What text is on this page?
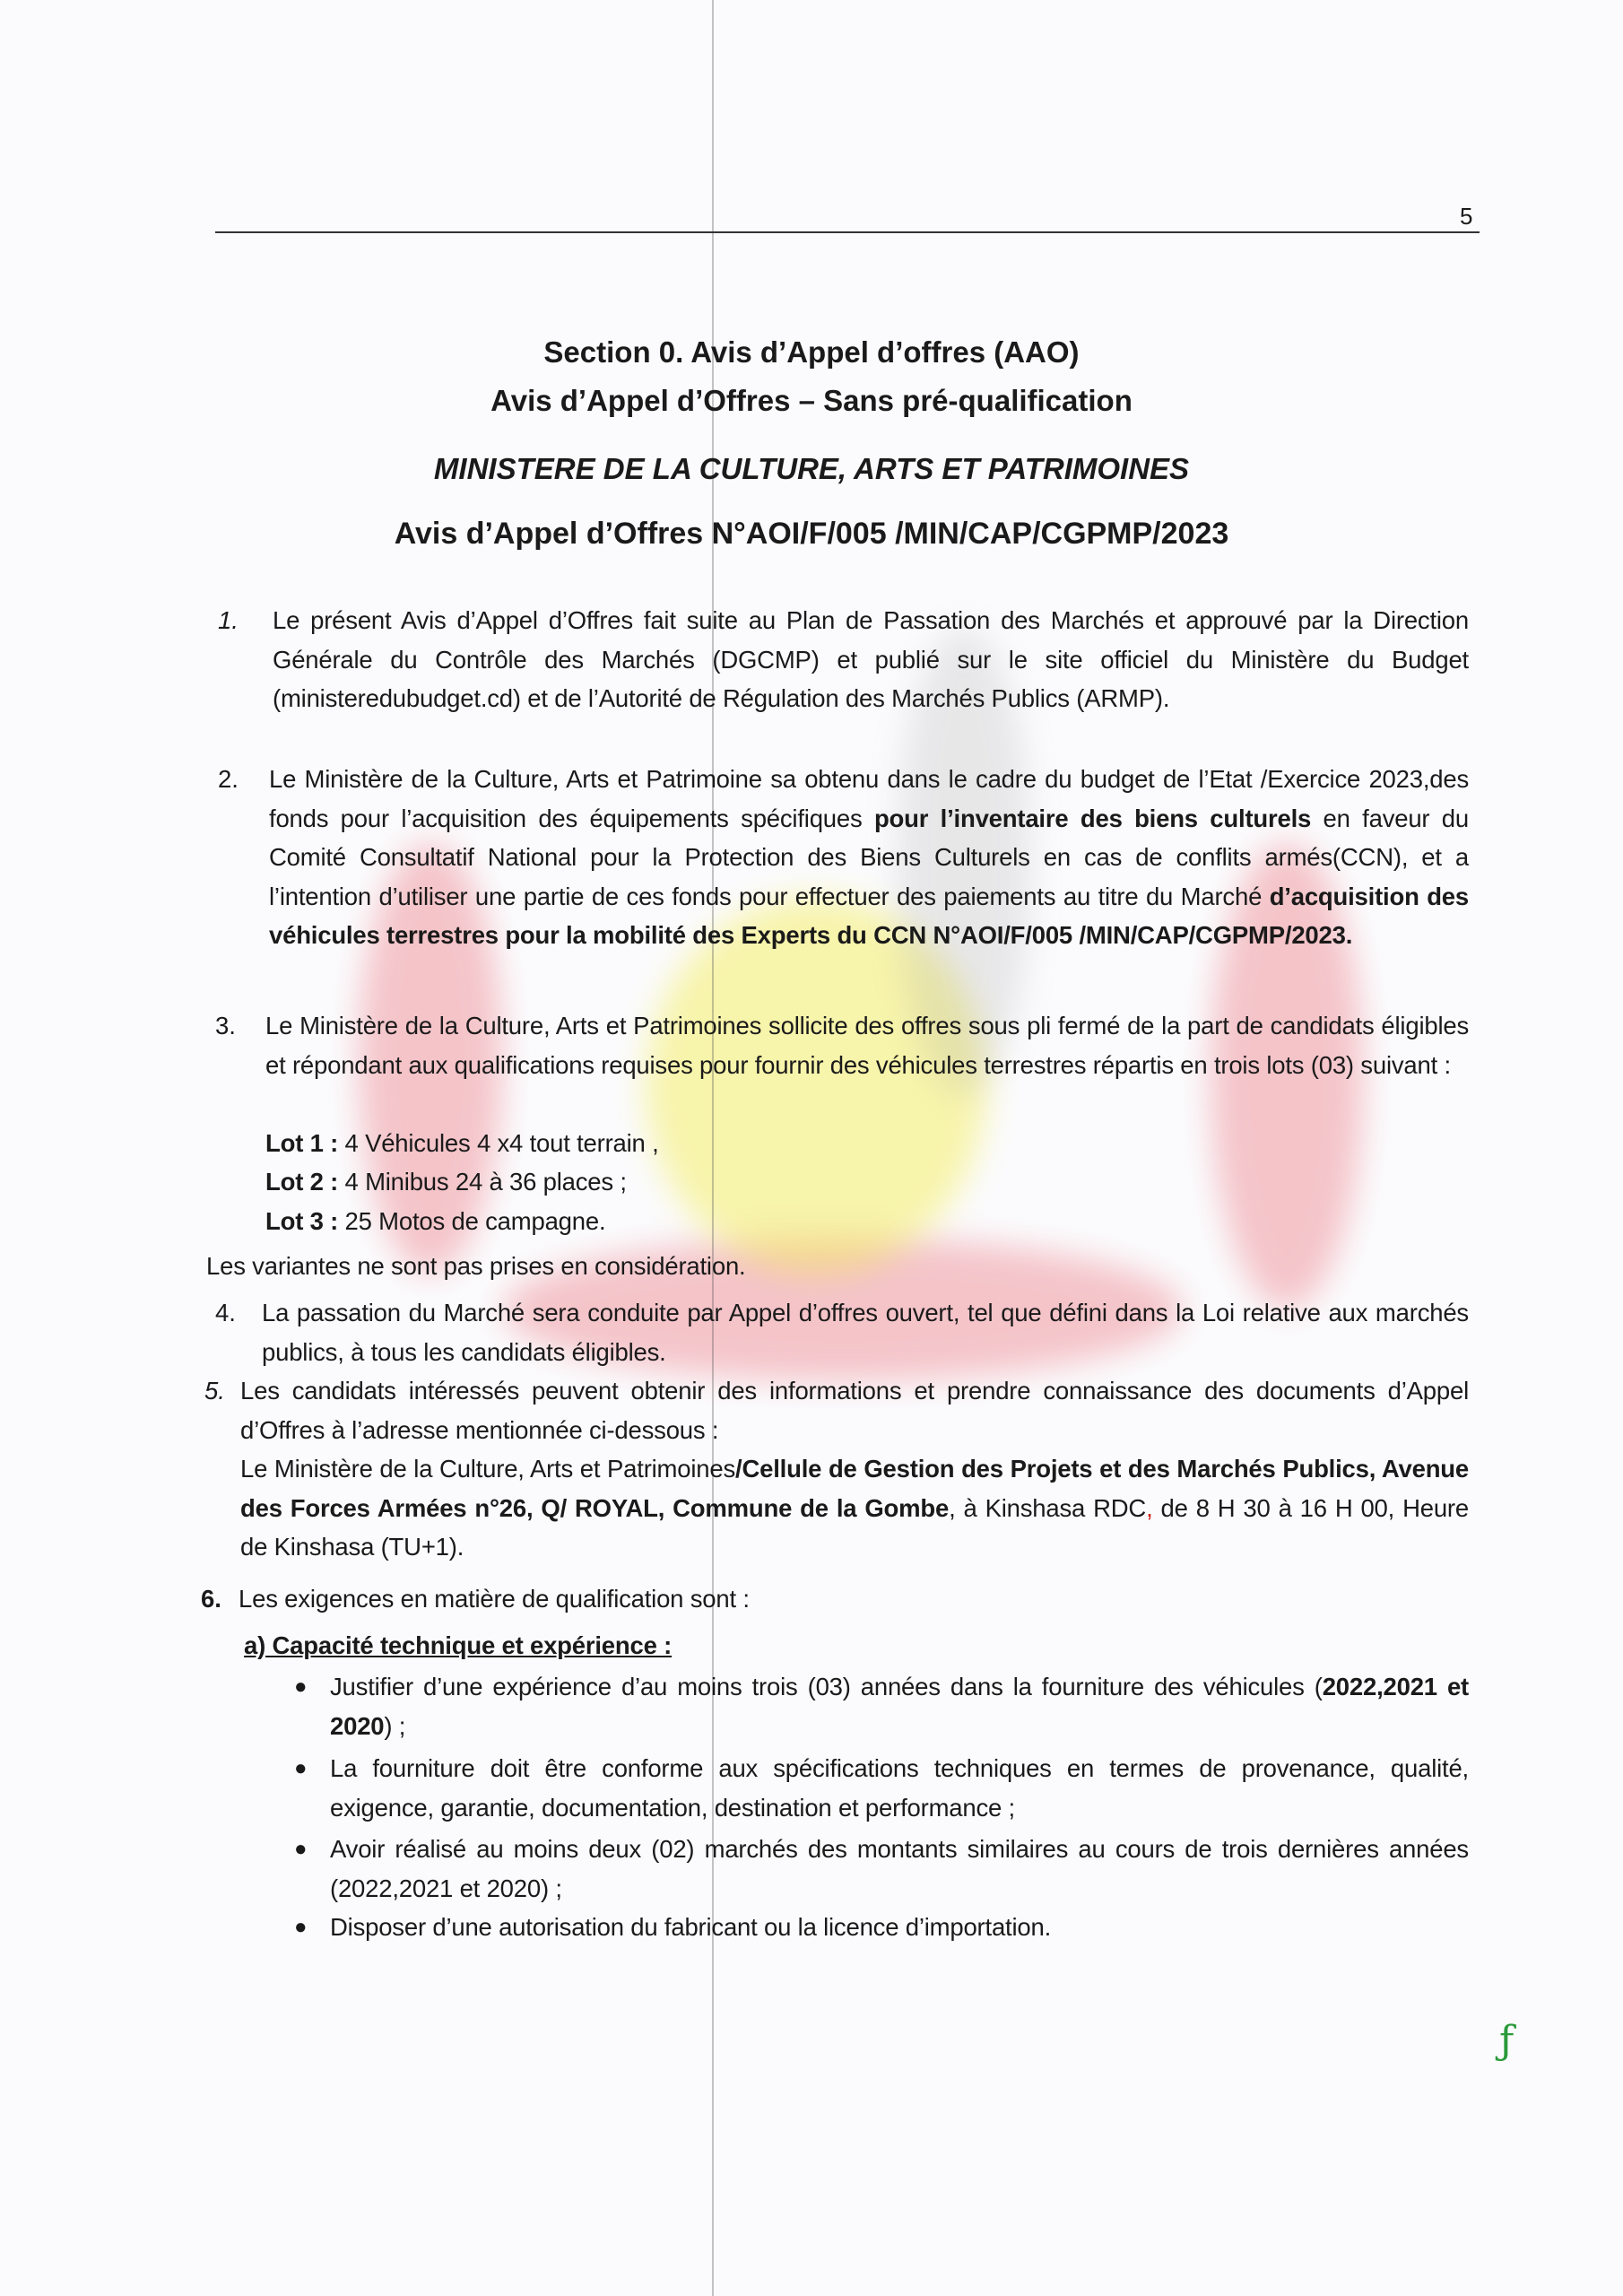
5
Section 0. Avis d’Appel d’offres (AAO)
Avis d’Appel d’Offres – Sans pré-qualification
MINISTERE DE LA CULTURE, ARTS ET PATRIMOINES
Avis d’Appel d’Offres N°AOI/F/005 /MIN/CAP/CGPMP/2023
1. Le présent Avis d’Appel d’Offres fait suite au Plan de Passation des Marchés et approuvé par la Direction Générale du Contrôle des Marchés (DGCMP) et publié sur le site officiel du Ministère du Budget (ministeredubudget.cd) et de l’Autorité de Régulation des Marchés Publics (ARMP).
2. Le Ministère de la Culture, Arts et Patrimoine sa obtenu dans le cadre du budget de l’Etat /Exercice 2023,des fonds pour l’acquisition des équipements spécifiques pour l’inventaire des biens culturels en faveur du Comité Consultatif National pour la Protection des Biens Culturels en cas de conflits armés(CCN), et a l’intention d’utiliser une partie de ces fonds pour effectuer des paiements au titre du Marché d’acquisition des véhicules terrestres pour la mobilité des Experts du CCN N°AOI/F/005 /MIN/CAP/CGPMP/2023.
3. Le Ministère de la Culture, Arts et Patrimoines sollicite des offres sous pli fermé de la part de candidats éligibles et répondant aux qualifications requises pour fournir des véhicules terrestres répartis en trois lots (03) suivant :
Lot 1 : 4 Véhicules 4 x4 tout terrain ,
Lot 2 : 4 Minibus 24 à 36 places ;
Lot 3 : 25 Motos de campagne.
Les variantes ne sont pas prises en considération.
4. La passation du Marché sera conduite par Appel d’offres ouvert, tel que défini dans la Loi relative aux marchés publics, à tous les candidats éligibles.
5. Les candidats intéressés peuvent obtenir des informations et prendre connaissance des documents d’Appel d’Offres à l’adresse mentionnée ci-dessous :
Le Ministère de la Culture, Arts et Patrimoines/Cellule de Gestion des Projets et des Marchés Publics, Avenue des Forces Armées n°26, Q/ ROYAL, Commune de la Gombe, à Kinshasa RDC, de 8 H 30 à 16 H 00, Heure de Kinshasa (TU+1).
6. Les exigences en matière de qualification sont :
a) Capacité technique et expérience :
● Justifier d’une expérience d’au moins trois (03) années dans la fourniture des véhicules (2022,2021 et 2020) ;
● La fourniture doit être conforme aux spécifications techniques en termes de provenance, qualité, exigence, garantie, documentation, destination et performance ;
● Avoir réalisé au moins deux (02) marchés des montants similaires au cours de trois dernières années (2022,2021 et 2020) ;
● Disposer d’une autorisation du fabricant ou la licence d’importation.
ƒ
